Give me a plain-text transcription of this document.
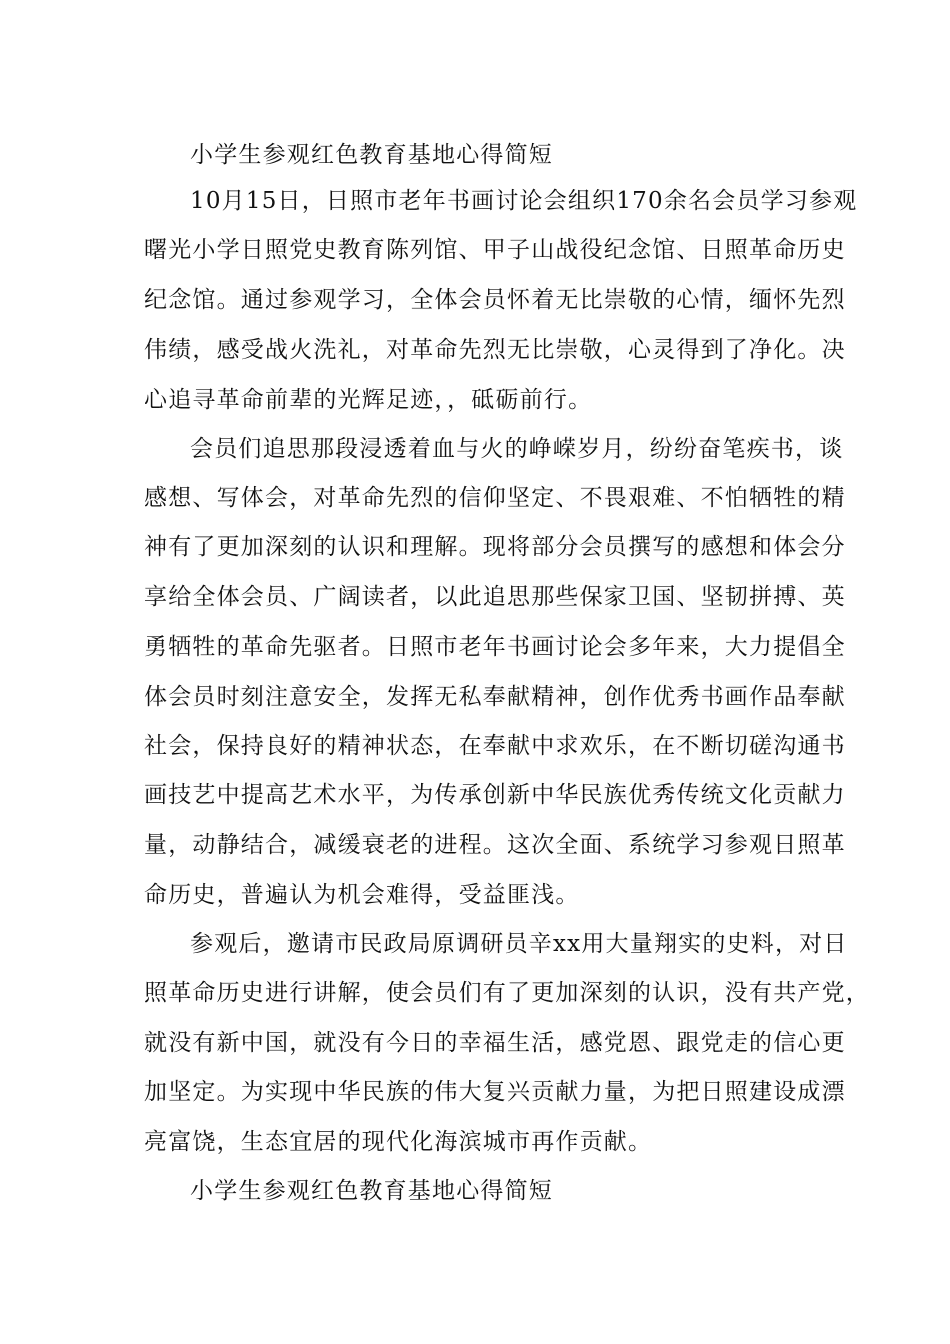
小学生参观红色教育基地心得简短
10月15日，日照市老年书画讨论会组织170余名会员学习参观
曙光小学日照党史教育陈列馆、甲子山战役纪念馆、日照革命历史
纪念馆。通过参观学习，全体会员怀着无比崇敬的心情，缅怀先烈
伟绩，感受战火洗礼，对革命先烈无比崇敬，心灵得到了净化。决
心追寻革命前辈的光辉足迹，，砥砺前行。
会员们追思那段浸透着血与火的峥嵘岁月，纷纷奋笔疾书，谈
感想、写体会，对革命先烈的信仰坚定、不畏艰难、不怕牺牲的精
神有了更加深刻的认识和理解。现将部分会员撰写的感想和体会分
享给全体会员、广阔读者，以此追思那些保家卫国、坚韧拼搏、英
勇牺牲的革命先驱者。日照市老年书画讨论会多年来，大力提倡全
体会员时刻注意安全，发挥无私奉献精神，创作优秀书画作品奉献
社会，保持良好的精神状态，在奉献中求欢乐，在不断切磋沟通书
画技艺中提高艺术水平，为传承创新中华民族优秀传统文化贡献力
量，动静结合，减缓衰老的进程。这次全面、系统学习参观日照革
命历史，普遍认为机会难得，受益匪浅。
参观后，邀请市民政局原调研员辛xx用大量翔实的史料，对日
照革命历史进行讲解，使会员们有了更加深刻的认识，没有共产党，
就没有新中国，就没有今日的幸福生活，感党恩、跟党走的信心更
加坚定。为实现中华民族的伟大复兴贡献力量，为把日照建设成漂
亮富饶，生态宜居的现代化海滨城市再作贡献。
小学生参观红色教育基地心得简短
